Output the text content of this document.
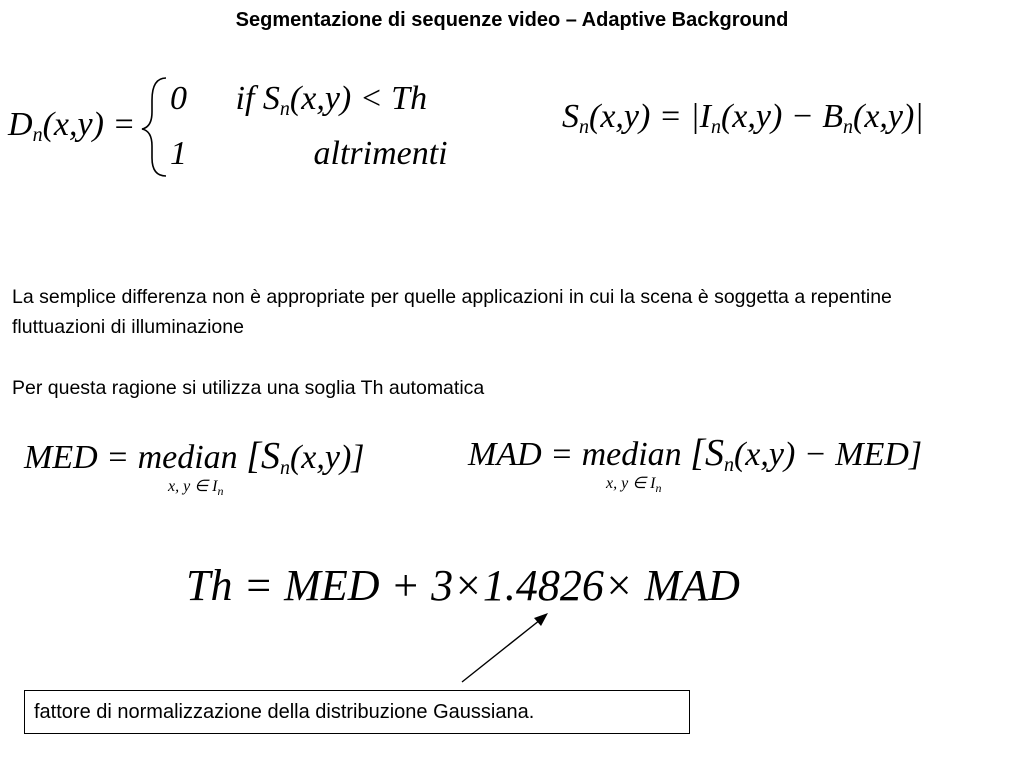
Segmentazione di sequenze video – Adaptive Background
$D_n(x,y)$ =
0 if $S_n(x,y) < Th$
1	altrimenti
$S_n(x,y) = |I_n(x,y) - B_n(x,y)|$
La semplice differenza non è appropriate per quelle applicazioni in cui la scena è soggetta a repentine fluttuazioni di illuminazione
Per questa ragione si utilizza una soglia Th automatica
MED = median $[S_n(x,y)]$
x, y ∈ $I_n$
MAD = median $[S_n(x,y) - MED]$
x, y ∈ $I_n$
Th = MED + 3×1.4826× MAD
fattore di normalizzazione della distribuzione Gaussiana.
